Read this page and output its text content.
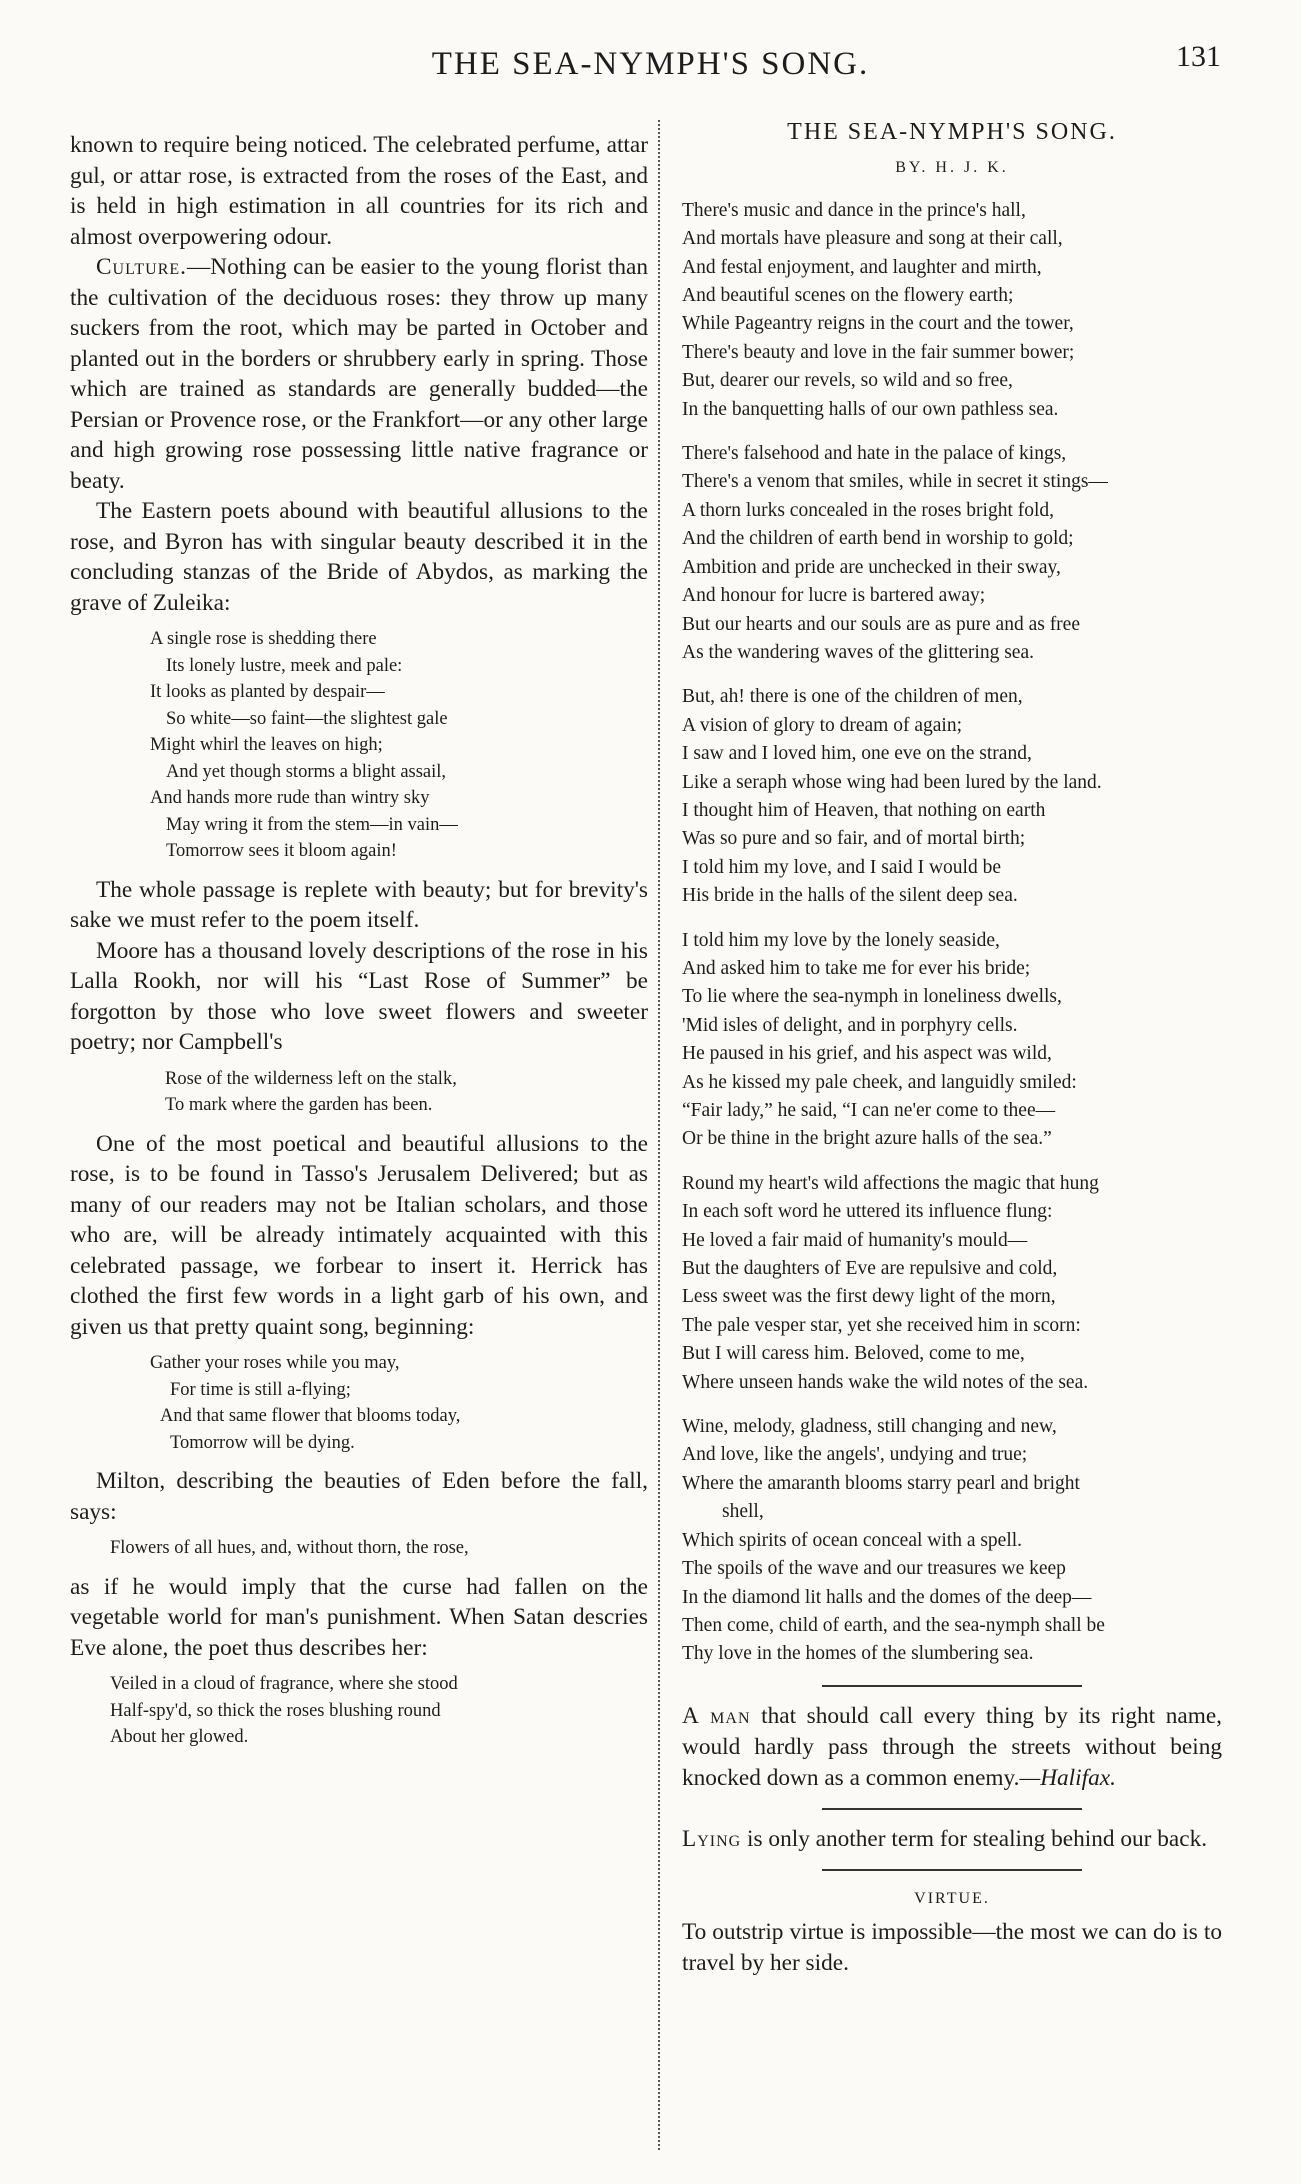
THE SEA-NYMPH'S SONG.	131

known to require being noticed. The celebrated perfume, attar gul, or attar rose, is extracted from the roses of the East, and is held in high estimation in all countries for its rich and almost overpowering odour.

Culture.—Nothing can be easier to the young florist than the cultivation of the deciduous roses: they throw up many suckers from the root, which may be parted in October and planted out in the borders or shrubbery early in spring. Those which are trained as standards are generally budded—the Persian or Provence rose, or the Frankfort—or any other large and high growing rose possessing little native fragrance or beaty.

The Eastern poets abound with beautiful allusions to the rose, and Byron has with singular beauty described it in the concluding stanzas of the Bride of Abydos, as marking the grave of Zuleika:

A single rose is shedding there
Its lonely lustre, meek and pale:
It looks as planted by despair—
So white—so faint—the slightest gale
Might whirl the leaves on high;
And yet though storms a blight assail,
And hands more rude than wintry sky
May wring it from the stem—in vain—
Tomorrow sees it bloom again!

The whole passage is replete with beauty; but for brevity's sake we must refer to the poem itself.

Moore has a thousand lovely descriptions of the rose in his Lalla Rookh, nor will his “Last Rose of Summer” be forgotton by those who love sweet flowers and sweeter poetry; nor Campbell's

Rose of the wilderness left on the stalk,
To mark where the garden has been.

One of the most poetical and beautiful allusions to the rose, is to be found in Tasso's Jerusalem Delivered; but as many of our readers may not be Italian scholars, and those who are, will be already intimately acquainted with this celebrated passage, we forbear to insert it. Herrick has clothed the first few words in a light garb of his own, and given us that pretty quaint song, beginning:

Gather your roses while you may,
For time is still a-flying;
And that same flower that blooms today,
Tomorrow will be dying.

Milton, describing the beauties of Eden before the fall, says:

Flowers of all hues, and, without thorn, the rose,

as if he would imply that the curse had fallen on the vegetable world for man's punishment. When Satan descries Eve alone, the poet thus describes her:

Veiled in a cloud of fragrance, where she stood
Half-spy'd, so thick the roses blushing round
About her glowed.
THE SEA-NYMPH'S SONG.
BY. H. J. K.
There's music and dance in the prince's hall,
And mortals have pleasure and song at their call,
And festal enjoyment, and laughter and mirth,
And beautiful scenes on the flowery earth;
While Pageantry reigns in the court and the tower,
There's beauty and love in the fair summer bower;
But, dearer our revels, so wild and so free,
In the banquetting halls of our own pathless sea.
There's falsehood and hate in the palace of kings,
There's a venom that smiles, while in secret it stings—
A thorn lurks concealed in the roses bright fold,
And the children of earth bend in worship to gold;
Ambition and pride are unchecked in their sway,
And honour for lucre is bartered away;
But our hearts and our souls are as pure and as free
As the wandering waves of the glittering sea.
But, ah! there is one of the children of men,
A vision of glory to dream of again;
I saw and I loved him, one eve on the strand,
Like a seraph whose wing had been lured by the land.
I thought him of Heaven, that nothing on earth
Was so pure and so fair, and of mortal birth;
I told him my love, and I said I would be
His bride in the halls of the silent deep sea.
I told him my love by the lonely seaside,
And asked him to take me for ever his bride;
To lie where the sea-nymph in loneliness dwells,
'Mid isles of delight, and in porphyry cells.
He paused in his grief, and his aspect was wild,
As he kissed my pale cheek, and languidly smiled:
“Fair lady,” he said, “I can ne'er come to thee—
Or be thine in the bright azure halls of the sea.”
Round my heart's wild affections the magic that hung
In each soft word he uttered its influence flung:
He loved a fair maid of humanity's mould—
But the daughters of Eve are repulsive and cold,
Less sweet was the first dewy light of the morn,
The pale vesper star, yet she received him in scorn:
But I will caress him. Beloved, come to me,
Where unseen hands wake the wild notes of the sea.
Wine, melody, gladness, still changing and new,
And love, like the angels', undying and true;
Where the amaranth blooms starry pearl and bright
shell,
Which spirits of ocean conceal with a spell.
The spoils of the wave and our treasures we keep
In the diamond lit halls and the domes of the deep—
Then come, child of earth, and the sea-nymph shall be
Thy love in the homes of the slumbering sea.

A man that should call every thing by its right name, would hardly pass through the streets without being knocked down as a common enemy.—Halifax.

Lying is only another term for stealing behind our back.

VIRTUE.

To outstrip virtue is impossible—the most we can do is to travel by her side.
